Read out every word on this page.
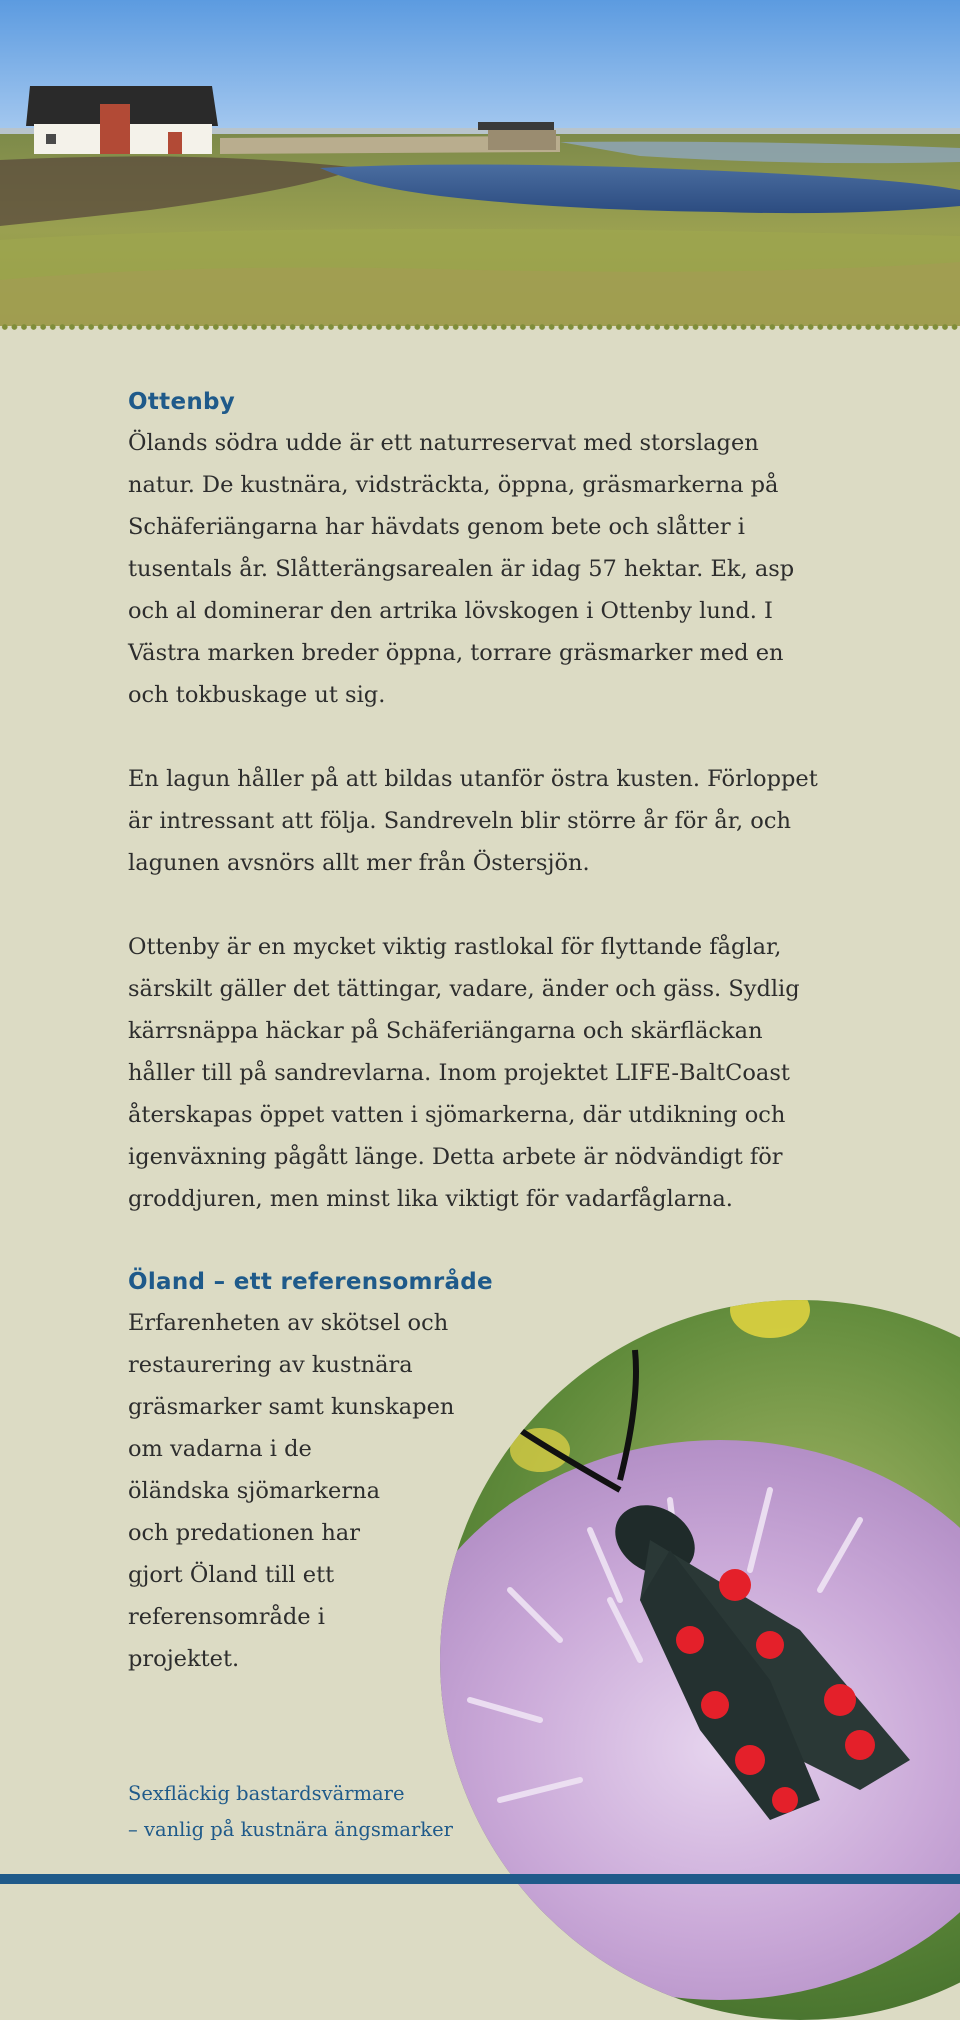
Ottenby

Ölands södra udde är ett naturreservat med storslagen natur. De kustnära, vidsträckta, öppna, gräsmarkerna på Schäferiängarna har hävdats genom bete och slåtter i tusentals år. Slåtterängsarealen är idag 57 hektar. Ek, asp och al dominerar den artrika lövskogen i Ottenby lund. I Västra marken breder öppna, torrare gräsmarker med en och tokbuskage ut sig.

En lagun håller på att bildas utanför östra kusten. Förloppet är intressant att följa. Sandreveln blir större år för år, och lagunen avsnörs allt mer från Östersjön.

Ottenby är en mycket viktig rastlokal för flyttande fåglar, särskilt gäller det tättingar, vadare, änder och gäss. Sydlig kärrsnäppa häckar på Schäferiängarna och skärfläckan håller till på sandrevlarna. Inom projektet LIFE-BaltCoast återskapas öppet vatten i sjömarkerna, där utdikning och igenväxning pågått länge. Detta arbete är nödvändigt för groddjuren, men minst lika viktigt för vadarfåglarna.

Öland – ett referensområde

Erfarenheten av skötsel och

restaurering av kustnära

gräsmarker samt kunskapen

om vadarna i de

öländska sjömarkerna

och predationen har

gjort Öland till ett

referensområde i

projektet.

Sexfläckig bastardsvärmare
– vanlig på kustnära ängsmarker
